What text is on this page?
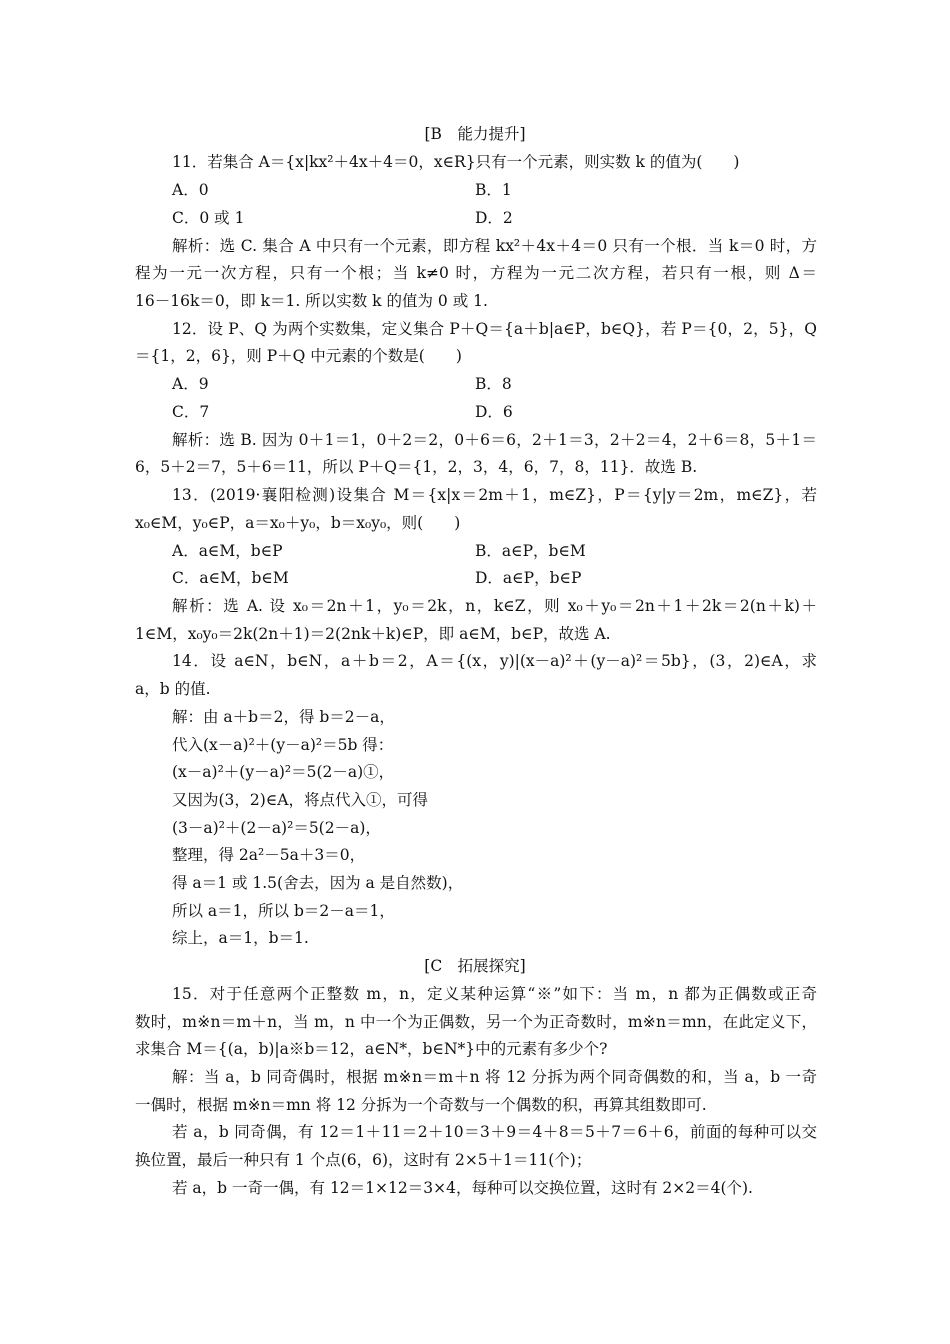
[B　能力提升]
11．若集合 A＝{x|kx²＋4x＋4＝0，x∈R}只有一个元素，则实数 k 的值为(　　)
A．0	B．1
C．0 或 1	D．2
解析：选 C. 集合 A 中只有一个元素，即方程 kx²＋4x＋4＝0 只有一个根．当 k＝0 时，方
程为一元一次方程，只有一个根；当 k≠0 时，方程为一元二次方程，若只有一根，则 Δ＝
16－16k＝0，即 k＝1. 所以实数 k 的值为 0 或 1.
12．设 P、Q 为两个实数集，定义集合 P＋Q＝{a＋b|a∈P，b∈Q}，若 P＝{0，2，5}，Q
＝{1，2，6}，则 P＋Q 中元素的个数是(　　)
A．9	B．8
C．7	D．6
解析：选 B. 因为 0＋1＝1，0＋2＝2，0＋6＝6，2＋1＝3，2＋2＝4，2＋6＝8，5＋1＝
6，5＋2＝7，5＋6＝11，所以 P＋Q＝{1，2，3，4，6，7，8，11}．故选 B.
13．(2019·襄阳检测)设集合 M＝{x|x＝2m＋1，m∈Z}，P＝{y|y＝2m，m∈Z}，若
x₀∈M，y₀∈P，a＝x₀＋y₀，b＝x₀y₀，则(　　)
A．a∈M，b∈P	B．a∈P，b∈M
C．a∈M，b∈M	D．a∈P，b∈P
解析：选 A. 设 x₀＝2n＋1，y₀＝2k，n，k∈Z，则 x₀＋y₀＝2n＋1＋2k＝2(n＋k)＋
1∈M，x₀y₀＝2k(2n＋1)＝2(2nk＋k)∈P，即 a∈M，b∈P，故选 A.
14．设 a∈N，b∈N，a＋b＝2，A＝{(x，y)|(x－a)²＋(y－a)²＝5b}，(3，2)∈A，求
a，b 的值.
解：由 a＋b＝2，得 b＝2－a，
代入(x－a)²＋(y－a)²＝5b 得：
(x－a)²＋(y－a)²＝5(2－a)①，
又因为(3，2)∈A，将点代入①，可得
(3－a)²＋(2－a)²＝5(2－a)，
整理，得 2a²－5a＋3＝0，
得 a＝1 或 1.5(舍去，因为 a 是自然数)，
所以 a＝1，所以 b＝2－a＝1，
综上，a＝1，b＝1.
[C　拓展探究]
15．对于任意两个正整数 m，n，定义某种运算“※”如下：当 m，n 都为正偶数或正奇
数时，m※n＝m＋n，当 m，n 中一个为正偶数，另一个为正奇数时，m※n＝mn，在此定义下，
求集合 M＝{(a，b)|a※b＝12，a∈N*，b∈N*}中的元素有多少个?
解：当 a，b 同奇偶时，根据 m※n＝m＋n 将 12 分拆为两个同奇偶数的和，当 a，b 一奇
一偶时，根据 m※n＝mn 将 12 分拆为一个奇数与一个偶数的积，再算其组数即可.
若 a，b 同奇偶，有 12＝1＋11＝2＋10＝3＋9＝4＋8＝5＋7＝6＋6，前面的每种可以交
换位置，最后一种只有 1 个点(6，6)，这时有 2×5＋1＝11(个)；
若 a，b 一奇一偶，有 12＝1×12＝3×4，每种可以交换位置，这时有 2×2＝4(个).
